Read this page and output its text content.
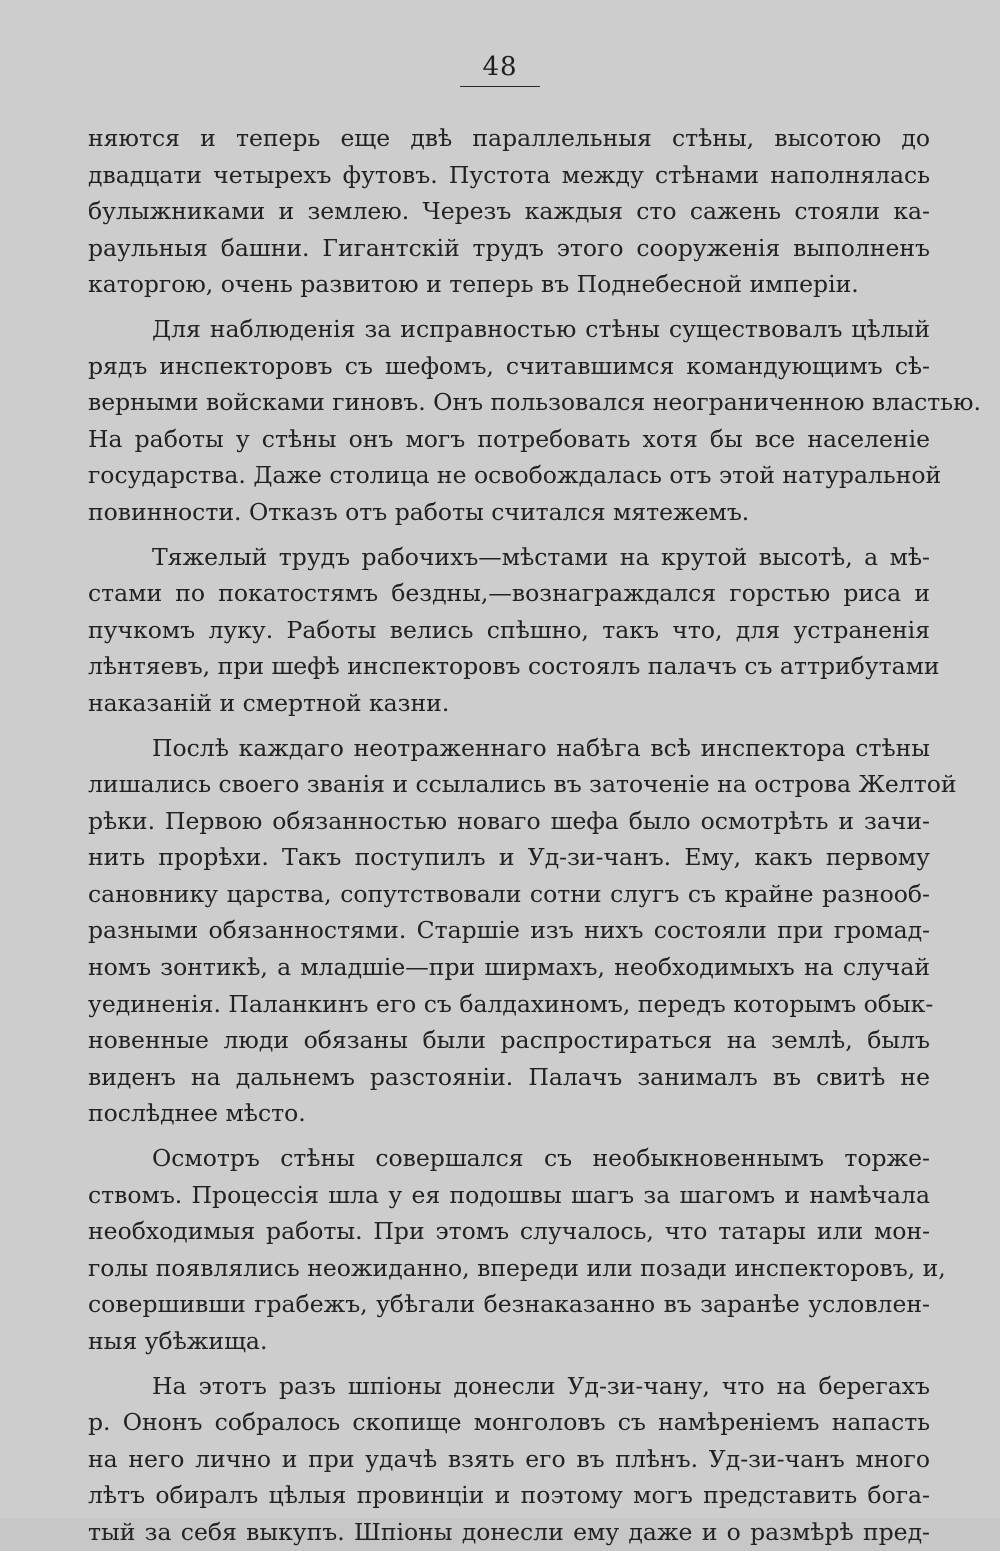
48
няются и теперь еще двѣ параллельныя стѣны, высотою до
двадцати четырехъ футовъ. Пустота между стѣнами наполнялась
булыжниками и землею. Черезъ каждыя сто сажень стояли ка-
раульныя башни. Гигантскій трудъ этого сооруженія выполненъ
каторгою, очень развитою и теперь въ Поднебесной имперіи.
Для наблюденія за исправностью стѣны существовалъ цѣлый
рядъ инспекторовъ съ шефомъ, считавшимся командующимъ сѣ-
верными войсками гиновъ. Онъ пользовался неограниченною властью.
На работы у стѣны онъ могъ потребовать хотя бы все населеніе
государства. Даже столица не освобождалась отъ этой натуральной
повинности. Отказъ отъ работы считался мятежемъ.
Тяжелый трудъ рабочихъ—мѣстами на крутой высотѣ, а мѣ-
стами по покатостямъ бездны,—вознаграждался горстью риса и
пучкомъ луку. Работы велись спѣшно, такъ что, для устраненія
лѣнтяевъ, при шефѣ инспекторовъ состоялъ палачъ съ аттрибутами
наказаній и смертной казни.
Послѣ каждаго неотраженнаго набѣга всѣ инспектора стѣны
лишались своего званія и ссылались въ заточеніе на острова Желтой
рѣки. Первою обязанностью новаго шефа было осмотрѣть и зачи-
нить прорѣхи. Такъ поступилъ и Уд-зи-чанъ. Ему, какъ первому
сановнику царства, сопутствовали сотни слугъ съ крайне разнооб-
разными обязанностями. Старшіе изъ нихъ состояли при громад-
номъ зонтикѣ, а младшіе—при ширмахъ, необходимыхъ на случай
уединенія. Паланкинъ его съ балдахиномъ, передъ которымъ обык-
новенные люди обязаны были распростираться на землѣ, былъ
виденъ на дальнемъ разстояніи. Палачъ занималъ въ свитѣ не
послѣднее мѣсто.
Осмотръ стѣны совершался съ необыкновеннымъ торже-
ствомъ. Процессія шла у ея подошвы шагъ за шагомъ и намѣчала
необходимыя работы. При этомъ случалось, что татары или мон-
голы появлялись неожиданно, впереди или позади инспекторовъ, и,
совершивши грабежъ, убѣгали безнаказанно въ заранѣе условлен-
ныя убѣжища.
На этотъ разъ шпіоны донесли Уд-зи-чану, что на берегахъ
р. Ононъ собралось скопище монголовъ съ намѣреніемъ напасть
на него лично и при удачѣ взять его въ плѣнъ. Уд-зи-чанъ много
лѣтъ обиралъ цѣлыя провинціи и поэтому могъ представить бога-
тый за себя выкупъ. Шпіоны донесли ему даже и о размѣрѣ пред-
